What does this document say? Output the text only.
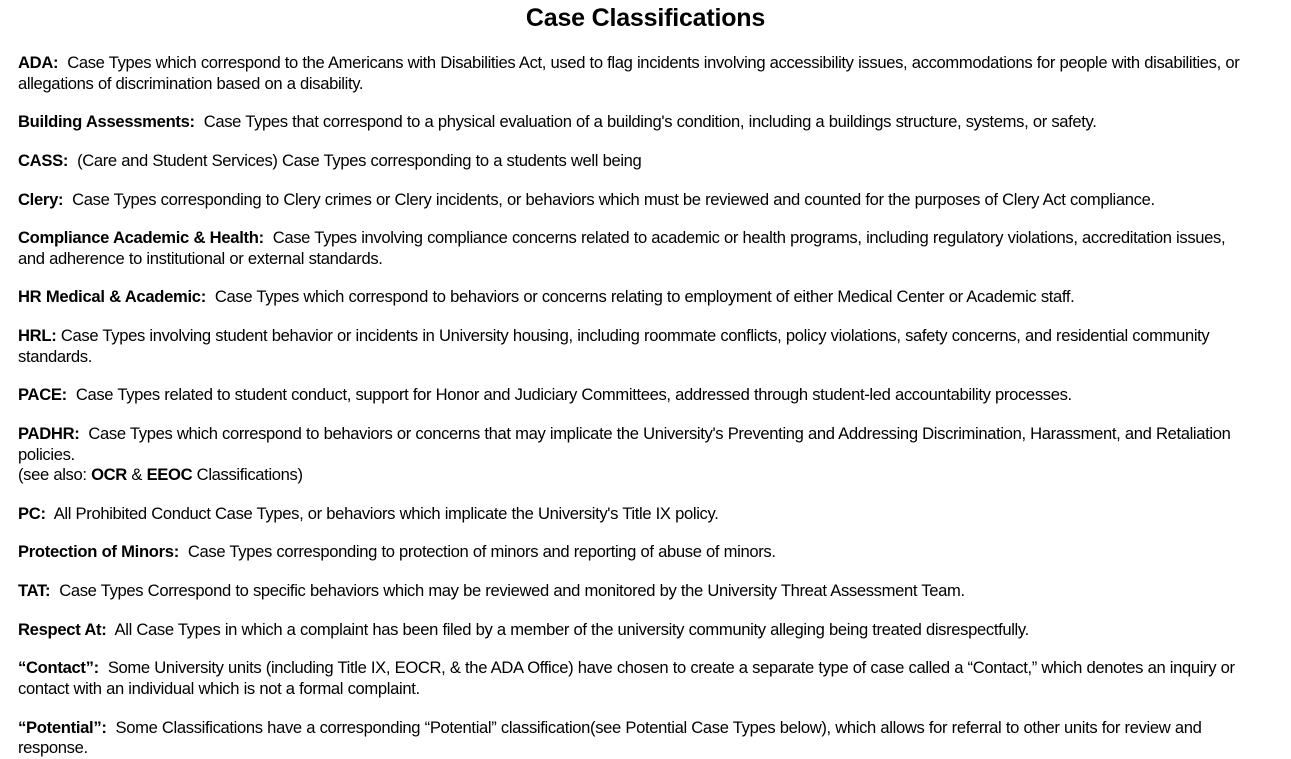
Case Classifications

ADA: Case Types which correspond to the Americans with Disabilities Act, used to flag incidents involving accessibility issues, accommodations for people with disabilities, or allegations of discrimination based on a disability.

Building Assessments: Case Types that correspond to a physical evaluation of a building's condition, including a buildings structure, systems, or safety.

CASS: (Care and Student Services) Case Types corresponding to a students well being

Clery: Case Types corresponding to Clery crimes or Clery incidents, or behaviors which must be reviewed and counted for the purposes of Clery Act compliance.

Compliance Academic & Health: Case Types involving compliance concerns related to academic or health programs, including regulatory violations, accreditation issues, and adherence to institutional or external standards.

HR Medical & Academic: Case Types which correspond to behaviors or concerns relating to employment of either Medical Center or Academic staff.

HRL: Case Types involving student behavior or incidents in University housing, including roommate conflicts, policy violations, safety concerns, and residential community standards.

PACE: Case Types related to student conduct, support for Honor and Judiciary Committees, addressed through student-led accountability processes.

PADHR: Case Types which correspond to behaviors or concerns that may implicate the University's Preventing and Addressing Discrimination, Harassment, and Retaliation policies.
(see also: OCR & EEOC Classifications)

PC: All Prohibited Conduct Case Types, or behaviors which implicate the University's Title IX policy.

Protection of Minors: Case Types corresponding to protection of minors and reporting of abuse of minors.

TAT: Case Types Correspond to specific behaviors which may be reviewed and monitored by the University Threat Assessment Team.

Respect At: All Case Types in which a complaint has been filed by a member of the university community alleging being treated disrespectfully.

“Contact”: Some University units (including Title IX, EOCR, & the ADA Office) have chosen to create a separate type of case called a “Contact,” which denotes an inquiry or contact with an individual which is not a formal complaint.

“Potential”: Some Classifications have a corresponding “Potential” classification(see Potential Case Types below), which allows for referral to other units for review and response.
